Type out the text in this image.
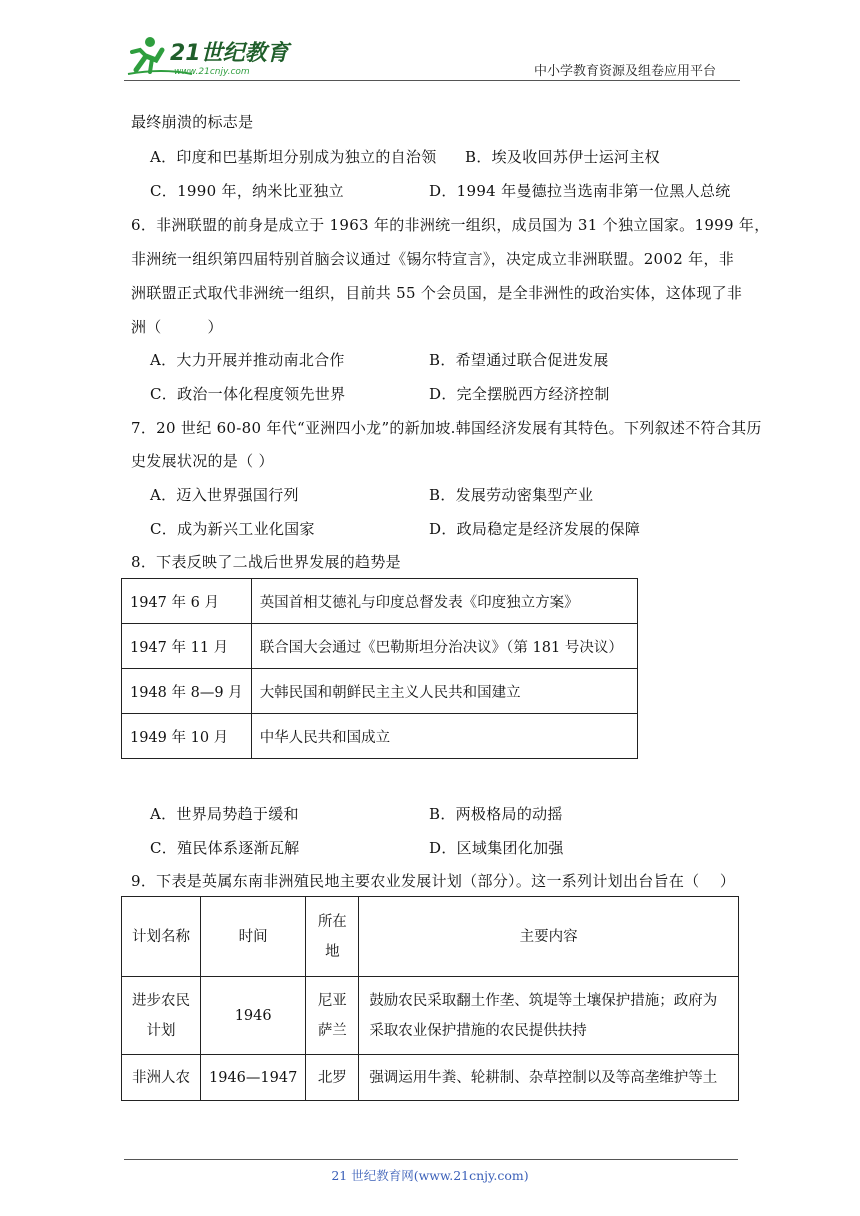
21世纪教育
www.21cnjy.com	中小学教育资源及组卷应用平台
最终崩溃的标志是
A．印度和巴基斯坦分别成为独立的自治领 B．埃及收回苏伊士运河主权
C．1990 年，纳米比亚独立	D．1994 年曼德拉当选南非第一位黑人总统
6．非洲联盟的前身是成立于 1963 年的非洲统一组织，成员国为 31 个独立国家。1999 年，
非洲统一组织第四届特别首脑会议通过《锡尔特宣言》，决定成立非洲联盟。2002 年，非
洲联盟正式取代非洲统一组织，目前共 55 个会员国，是全非洲性的政治实体，这体现了非
洲（　　　）
A．大力开展并推动南北合作	B．希望通过联合促进发展
C．政治一体化程度领先世界	D．完全摆脱西方经济控制
7．20 世纪 60-80 年代“亚洲四小龙”的新加坡.韩国经济发展有其特色。下列叙述不符合其历
史发展状况的是（ ）
A．迈入世界强国行列	B．发展劳动密集型产业
C．成为新兴工业化国家	D．政局稳定是经济发展的保障
8．下表反映了二战后世界发展的趋势是
1947 年 6 月	英国首相艾德礼与印度总督发表《印度独立方案》
1947 年 11 月	联合国大会通过《巴勒斯坦分治决议》（第 181 号决议）
1948 年 8—9 月	大韩民国和朝鲜民主主义人民共和国建立
1949 年 10 月	中华人民共和国成立
A．世界局势趋于缓和	B．两极格局的动摇
C．殖民体系逐渐瓦解	D．区域集团化加强
9．下表是英属东南非洲殖民地主要农业发展计划（部分）。这一系列计划出台旨在（　 ）
计划名称	时间	所在地	主要内容
进步农民计划	1946	尼亚萨兰	鼓励农民采取翻土作垄、筑堤等土壤保护措施；政府为采取农业保护措施的农民提供扶持
非洲人农	1946—1947	北罗	强调运用牛粪、轮耕制、杂草控制以及等高垄维护等土
21 世纪教育网(www.21cnjy.com)
